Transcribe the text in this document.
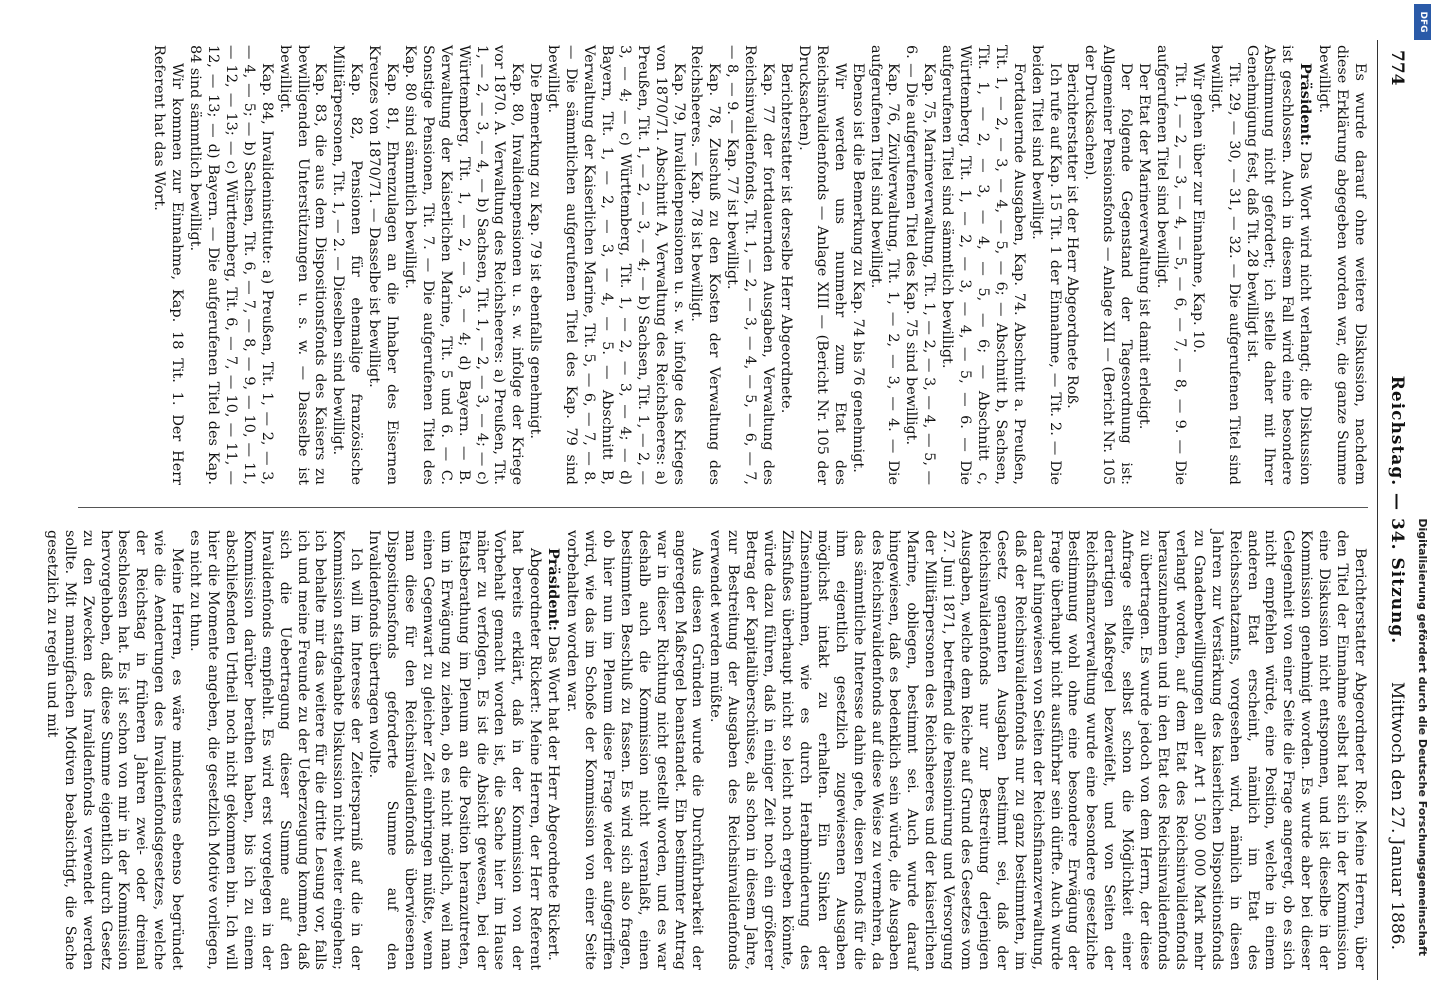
774
Reichstag. — 34. Sitzung.
Mittwoch den 27. Januar 1886.

Es wurde darauf ohne weitere Diskussion, nachdem diese Erklärung abgegeben worden war, die ganze Summe bewilligt.

Präsident: Das Wort wird nicht verlangt; die Diskussion ist geschlossen. Auch in diesem Fall wird eine besondere Abstimmung nicht gefordert; ich stelle daher mit Ihrer Genehmigung fest, daß Tit. 28 bewilligt ist.

Tit. 29, — 30, — 31, — 32. — Die aufgerufenen Titel sind bewilligt.

Wir gehen über zur Einnahme, Kap. 10.

Tit. 1, — 2, — 3, — 4, — 5, — 6, — 7, — 8, — 9. — Die aufgerufenen Titel sind bewilligt.

Der Etat der Marineverwaltung ist damit erledigt.

Der folgende Gegenstand der Tagesordnung ist: Allgemeiner Pensionsfonds — Anlage XII — (Bericht Nr. 105 der Drucksachen).

Berichterstatter ist der Herr Abgeordnete Roß.

Ich rufe auf Kap. 15 Tit. 1 der Einnahme, — Tit. 2. — Die beiden Titel sind bewilligt.

Fortdauernde Ausgaben, Kap. 74. Abschnitt a. Preußen, Tit. 1, — 2, — 3, — 4, — 5, — 6; — Abschnitt b, Sachsen, Tit. 1, — 2, — 3, — 4, — 5, — 6; — Abschnitt c, Württemberg, Tit. 1, — 2, — 3, — 4, — 5, — 6. — Die aufgerufenen Titel sind sämmtlich bewilligt.

Kap. 75, Marineverwaltung, Tit. 1, — 2, — 3, — 4, — 5, — 6. — Die aufgerufenen Titel des Kap. 75 sind bewilligt.

Kap. 76, Zivilverwaltung, Tit. 1, — 2, — 3, — 4. — Die aufgerufenen Titel sind bewilligt.

Ebenso ist die Bemerkung zu Kap. 74 bis 76 genehmigt.

Wir werden uns nunmehr zum Etat des Reichsinvalidenfonds — Anlage XIII — (Bericht Nr. 105 der Drucksachen).

Berichterstatter ist derselbe Herr Abgeordnete.

Kap. 77 der fortdauernden Ausgaben, Verwaltung des Reichsinvalidenfonds, Tit. 1, — 2, — 3, — 4, — 5, — 6, — 7, — 8, — 9. — Kap. 77 ist bewilligt.

Kap. 78, Zuschuß zu den Kosten der Verwaltung des Reichsheeres. — Kap. 78 ist bewilligt.

Kap. 79, Invalidenpensionen u. s. w. infolge des Krieges von 1870/71. Abschnitt A, Verwaltung des Reichsheeres: a) Preußen, Tit. 1, — 2, — 3, — 4; — b) Sachsen, Tit. 1, — 2, — 3, — 4; — c) Württemberg, Tit. 1, — 2, — 3, — 4; — d) Bayern, Tit. 1, — 2, — 3, — 4, — 5. — Abschnitt B, Verwaltung der Kaiserlichen Marine, Tit. 5, — 6, — 7, — 8. — Die sämmtlichen aufgerufenen Titel des Kap. 79 sind bewilligt.

Die Bemerkung zu Kap. 79 ist ebenfalls genehmigt.

Kap. 80, Invalidenpensionen u. s. w. infolge der Kriege vor 1870. A. Verwaltung des Reichsheeres: a) Preußen, Tit. 1, — 2, — 3, — 4, — b) Sachsen, Tit. 1, — 2, — 3, — 4; — c) Württemberg, Tit. 1, — 2, — 3, — 4; d) Bayern. — B. Verwaltung der Kaiserlichen Marine, Tit. 5 und 6. — C. Sonstige Pensionen, Tit. 7. — Die aufgerufenen Titel des Kap. 80 sind sämmtlich bewilligt.

Kap. 81, Ehrenzulagen an die Inhaber des Eisernen Kreuzes von 1870/71. — Dasselbe ist bewilligt.

Kap. 82, Pensionen für ehemalige französische Militärpersonen, Tit. 1, — 2. — Dieselben sind bewilligt.

Kap. 83, die aus dem Dispositionsfonds des Kaisers zu bewilligenden Unterstützungen u. s. w. — Dasselbe ist bewilligt.

Kap. 84, Invalideninstitute: a) Preußen, Tit. 1, — 2, — 3, — 4, — 5; — b) Sachsen, Tit. 6, — 7, — 8, — 9, — 10, — 11, — 12, — 13; — c) Württemberg, Tit. 6, — 7, — 10, — 11, — 12, — 13; — d) Bayern. — Die aufgerufenen Titel des Kap. 84 sind sämmtlich bewilligt.

Wir kommen zur Einnahme, Kap. 18 Tit. 1. Der Herr Referent hat das Wort.

Berichterstatter Abgeordneter Roß: Meine Herren, über den Titel der Einnahme selbst hat sich in der Kommission eine Diskussion nicht entsponnen, und ist dieselbe in der Kommission genehmigt worden. Es wurde aber bei dieser Gelegenheit von einer Seite die Frage angeregt, ob es sich nicht empfehlen würde, eine Position, welche in einem anderen Etat erscheint, nämlich im Etat des Reichsschatzamts, vorgesehen wird, nämlich in diesen Jahren zur Verstärkung des kaiserlichen Dispositionsfonds zu Gnadenbewilligungen aller Art 1 500 000 Mark mehr verlangt worden, auf dem Etat des Reichsinvalidenfonds herauszunehmen und in den Etat des Reichsinvalidenfonds zu übertragen. Es wurde jedoch von dem Herrn, der diese Anfrage stellte, selbst schon die Möglichkeit einer derartigen Maßregel bezweifelt, und von Seiten der Reichsfinanzverwaltung wurde eine besondere gesetzliche Bestimmung wohl ohne eine besondere Erwägung der Frage überhaupt nicht ausführbar sein dürfte. Auch wurde darauf hingewiesen von Seiten der Reichsfinanzverwaltung, daß der Reichsinvalidenfonds nur zu ganz bestimmten, im Gesetz genannten Ausgaben bestimmt sei, daß der Reichsinvalidenfonds nur zur Bestreitung derjenigen Ausgaben, welche dem Reiche auf Grund des Gesetzes vom 27. Juni 1871, betreffend die Pensionirung und Versorgung der Militärpersonen des Reichsheeres und der kaiserlichen Marine, obliegen, bestimmt sei. Auch wurde darauf hingewiesen, daß es bedenklich sein würde, die Ausgaben des Reichsinvalidenfonds auf diese Weise zu vermehren, da das sämmtliche Interesse dahin gehe, diesen Fonds für die ihm eigentlich gesetzlich zugewiesenen Ausgaben möglichst intakt zu erhalten. Ein Sinken der Zinseinnahmen, wie es durch Herabminderung des Zinsfußes überhaupt nicht so leicht noch ergeben könnte, würde dazu führen, daß in einiger Zeit noch ein größerer Betrag der Kapitalüberschüsse, als schon in diesem Jahre, zur Bestreitung der Ausgaben des Reichsinvalidenfonds verwendet werden müßte.

Aus diesen Gründen wurde die Durchführbarkeit der angeregten Maßregel beanstandet. Ein bestimmter Antrag war in dieser Richtung nicht gestellt worden, und es war deshalb auch die Kommission nicht veranlaßt, einen bestimmten Beschluß zu fassen. Es wird sich also fragen, ob hier nun im Plenum diese Frage wieder aufgegriffen wird, wie das im Schoße der Kommission von einer Seite vorbehalten worden war.

Präsident: Das Wort hat der Herr Abgeordnete Rickert.

Abgeordneter Rickert: Meine Herren, der Herr Referent hat bereits erklärt, daß in der Kommission von der Vorbehalt gemacht worden ist, die Sache hier im Hause näher zu verfolgen. Es ist die Absicht gewesen, bei der Etatsberathung im Plenum an die Position heranzutreten, um in Erwägung zu ziehen, ob es nicht möglich, weil man einen Gegenwart zu gleicher Zeit einbringen müßte, wenn man diese für den Reichsinvalidenfonds überwiesenen Dispositionsfonds geforderte Summe auf den Invalidenfonds übertragen wollte.

Ich will im Interesse der Zeitersparniß auf die in der Kommission stattgehabte Diskussion nicht weiter eingehen; ich behalte mir das weitere für die dritte Lesung vor, falls ich und meine Freunde zu der Ueberzeugung kommen, daß sich die Uebertragung dieser Summe auf den Invalidenfonds empfiehlt. Es wird erst vorgelegen in der Kommission darüber berathen haben, bis ich zu einem abschließenden Urtheil noch nicht gekommen bin. Ich will hier die Momente angeben, die gesetzlich Motive vorliegen, es nicht zu thun.

Meine Herren, es wäre mindestens ebenso begründet wie die Aenderungen des Invalidenfondsgesetzes, welche der Reichstag in früheren Jahren zwei- oder dreimal beschlossen hat. Es ist schon von mir in der Kommission hervorgehoben, daß diese Summe eigentlich durch Gesetz zu den Zwecken des Invalidenfonds verwendet werden sollte. Mit mannigfachen Motiven beabsichtigt, die Sache gesetzlich zu regeln und mit

DFG
Digitalisierung gefördert durch die Deutsche Forschungsgemeinschaft
